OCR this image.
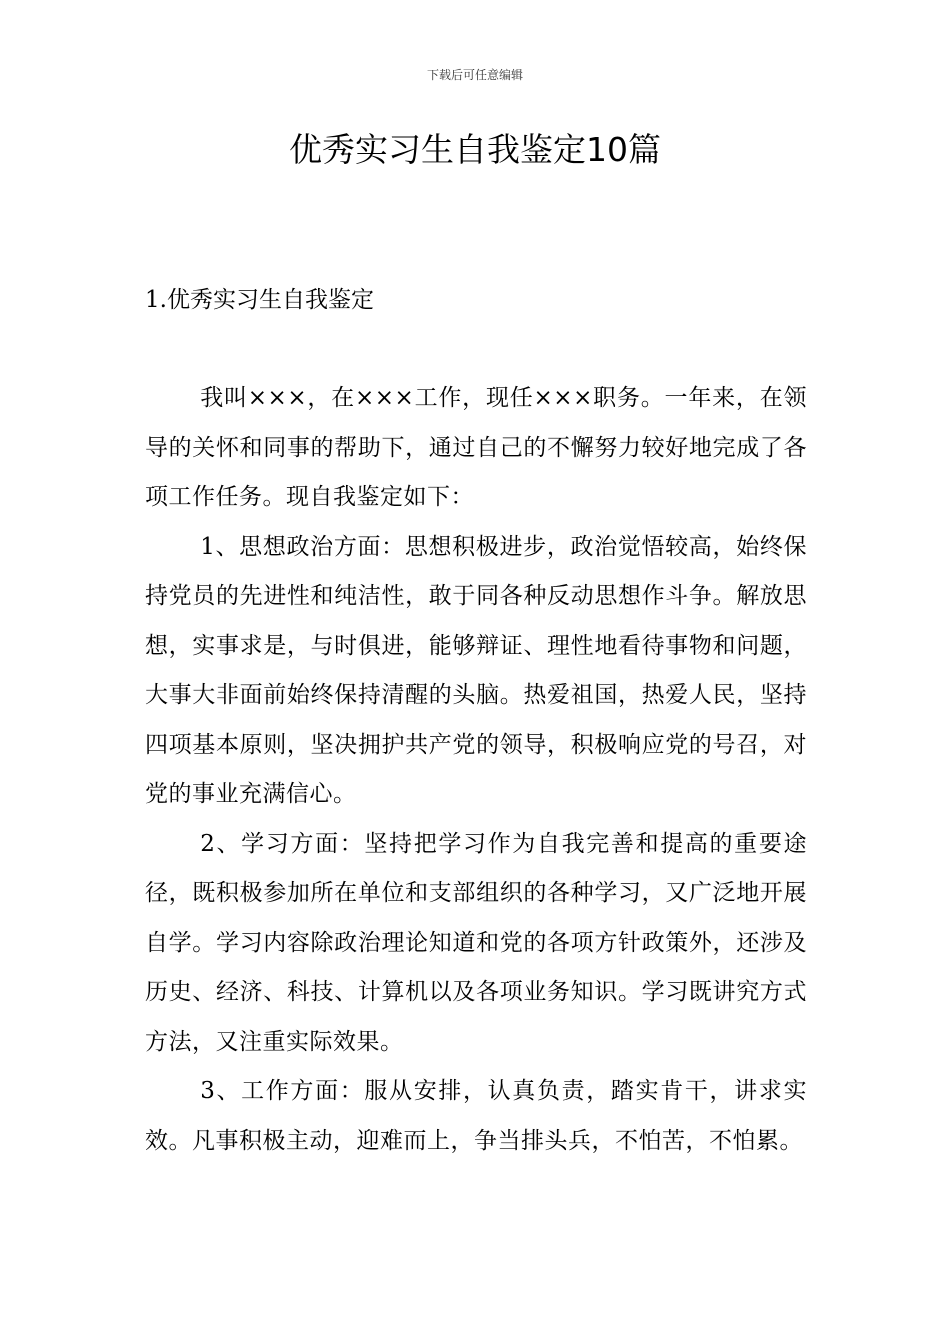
下载后可任意编辑
优秀实习生自我鉴定10篇
1.优秀实习生自我鉴定

我叫×××，在×××工作，现任×××职务。一年来，在领导的关怀和同事的帮助下，通过自己的不懈努力较好地完成了各项工作任务。现自我鉴定如下：

1、思想政治方面：思想积极进步，政治觉悟较高，始终保持党员的先进性和纯洁性，敢于同各种反动思想作斗争。解放思想，实事求是，与时俱进，能够辩证、理性地看待事物和问题，大事大非面前始终保持清醒的头脑。热爱祖国，热爱人民，坚持四项基本原则，坚决拥护共产党的领导，积极响应党的号召，对党的事业充满信心。

2、学习方面：坚持把学习作为自我完善和提高的重要途径，既积极参加所在单位和支部组织的各种学习，又广泛地开展自学。学习内容除政治理论知道和党的各项方针政策外，还涉及历史、经济、科技、计算机以及各项业务知识。学习既讲究方式方法，又注重实际效果。

3、工作方面：服从安排，认真负责，踏实肯干，讲求实效。凡事积极主动，迎难而上，争当排头兵，不怕苦，不怕累。
